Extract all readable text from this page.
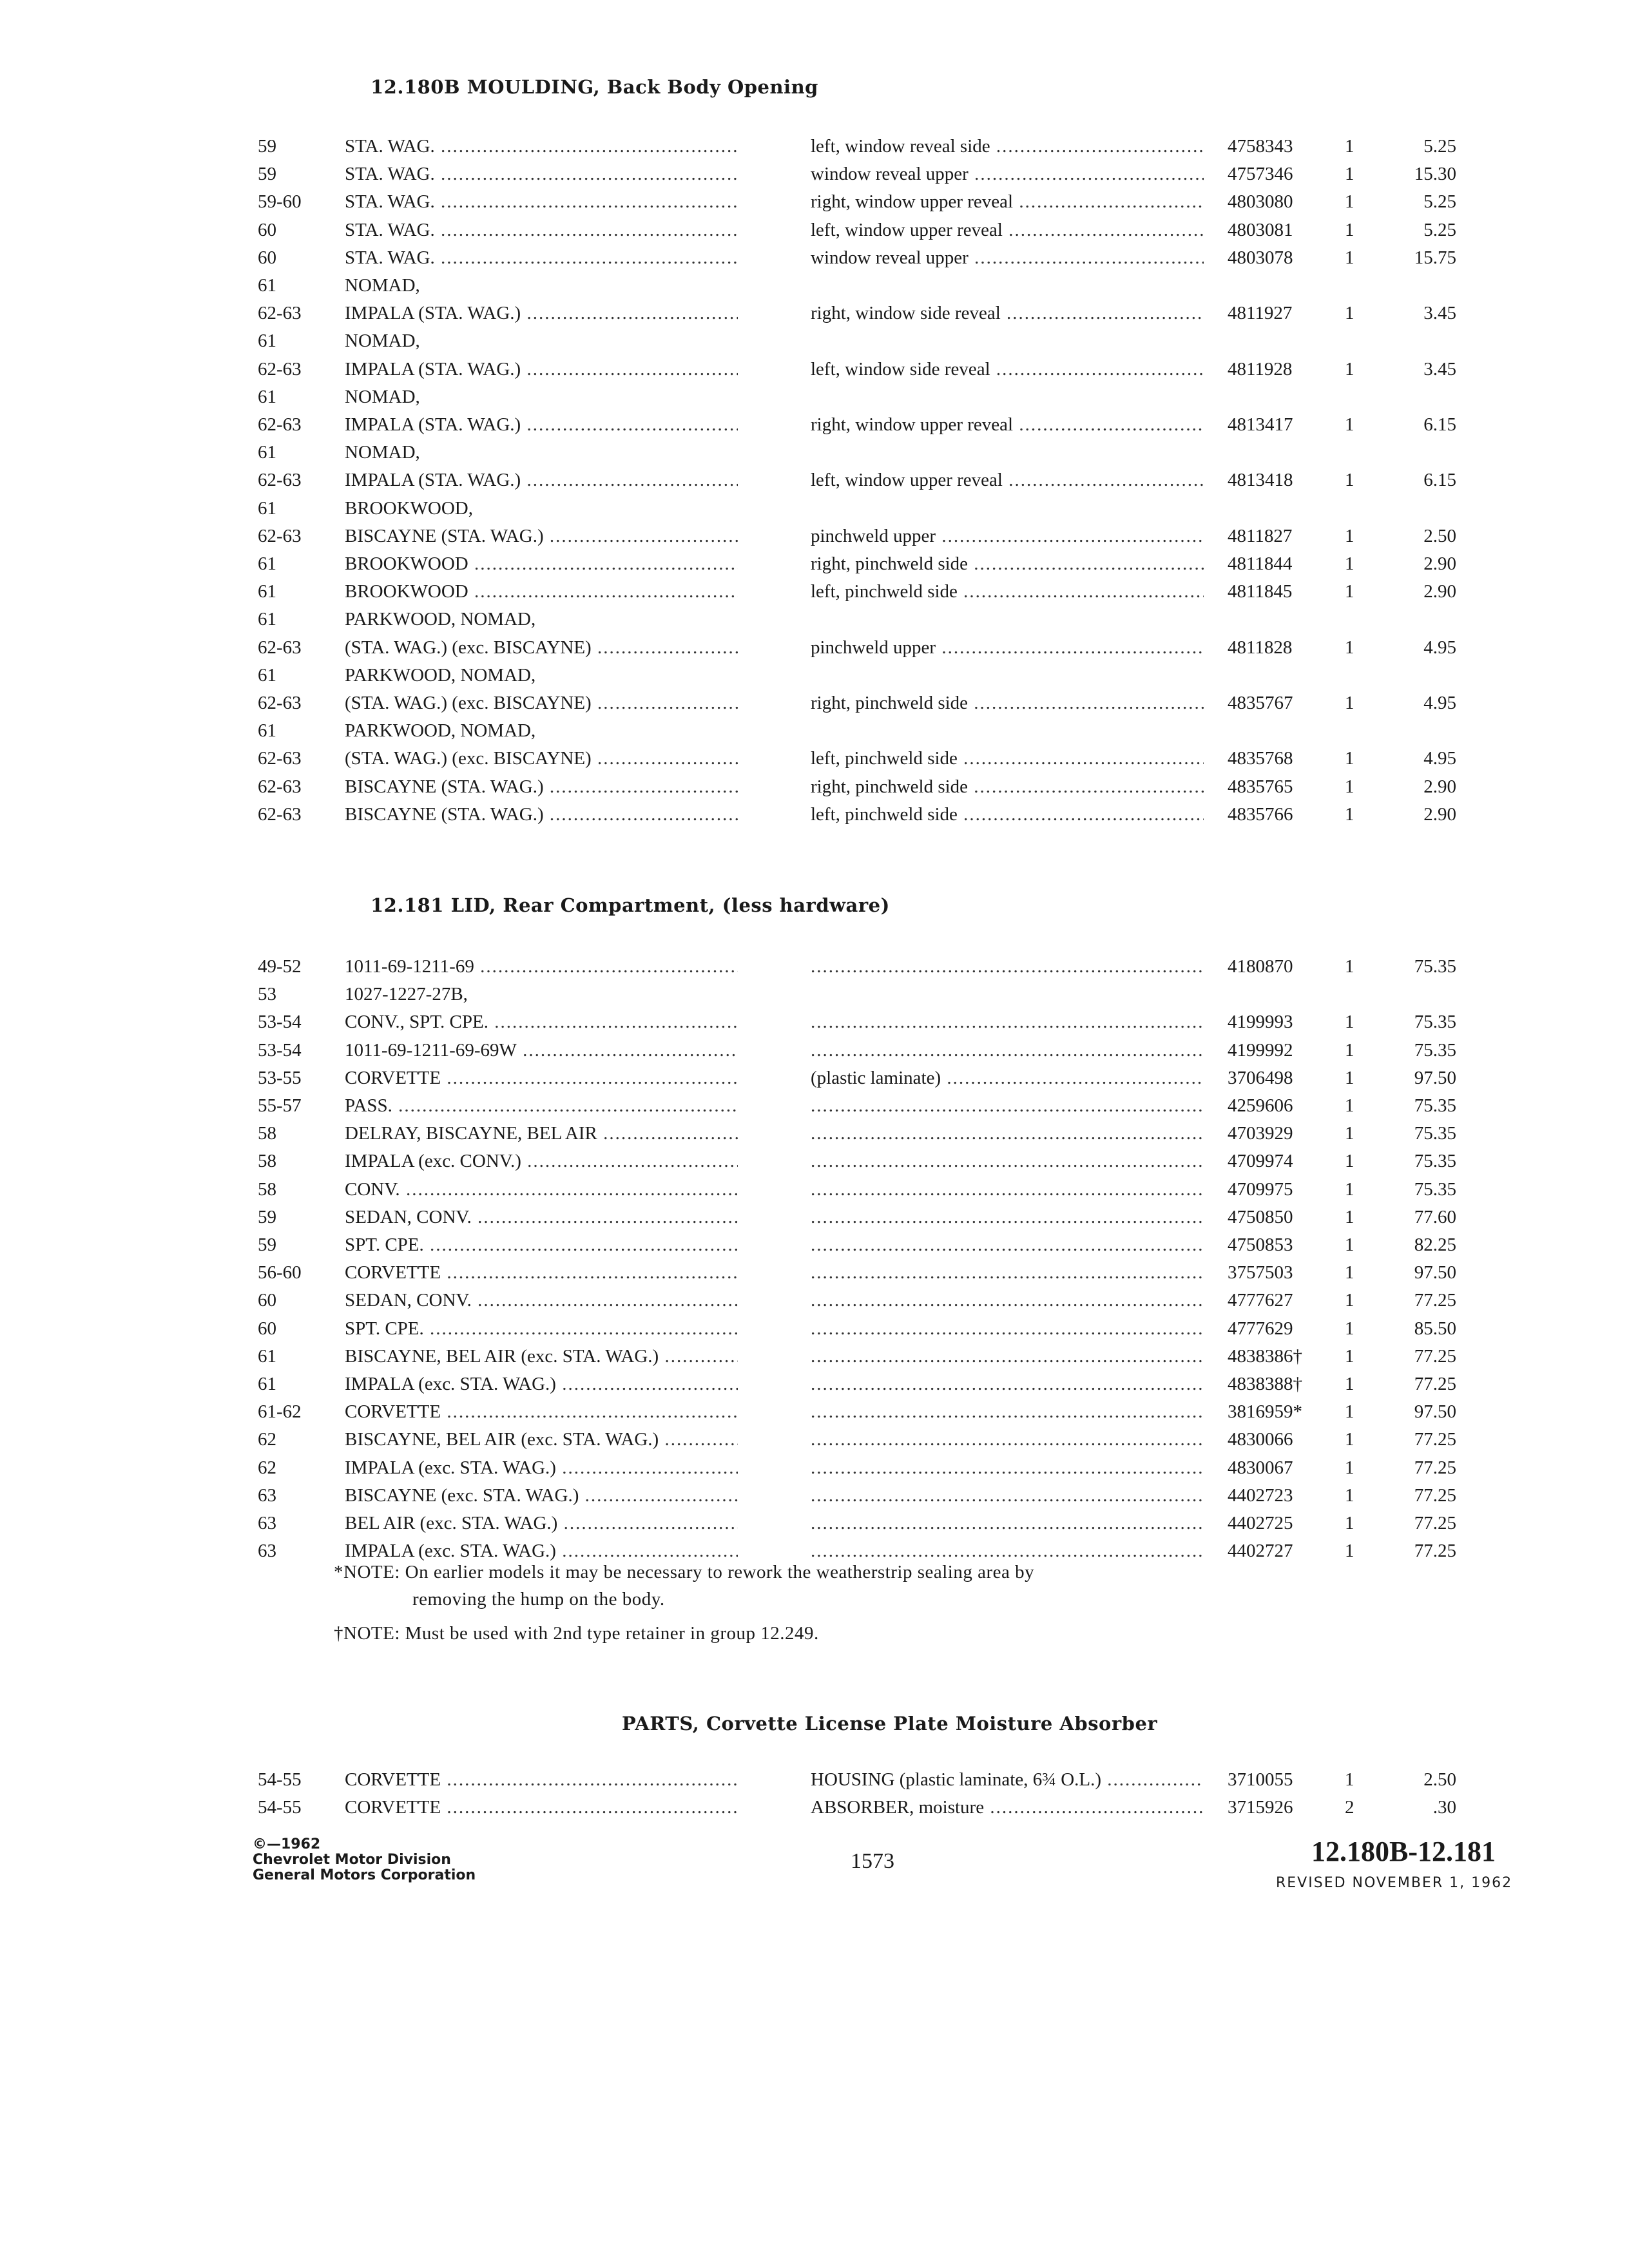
12.180B MOULDING, Back Body Opening
59	STA. WAG. .....	left, window reveal side .....	4758343	1	5.25
59	STA. WAG. .....	window reveal upper .....	4757346	1	15.30
59-60 STA. WAG. .....	right, window upper reveal .....	4803080	1	5.25
60	STA. WAG. .....	left, window upper reveal .....	4803081	1	5.25
60	STA. WAG. .....	window reveal upper .....	4803078	1	15.75
61	NOMAD,
62-63 IMPALA (STA. WAG.) .....	right, window side reveal .....	4811927	1	3.45
61	NOMAD,
62-63 IMPALA (STA. WAG.) .....	left, window side reveal .....	4811928	1	3.45
61	NOMAD,
62-63 IMPALA (STA. WAG.) .....	right, window upper reveal .....	4813417	1	6.15
61	NOMAD,
62-63 IMPALA (STA. WAG.) .....	left, window upper reveal .....	4813418	1	6.15
61	BROOKWOOD,
62-63 BISCAYNE (STA. WAG.) .....	pinchweld upper .....	4811827	1	2.50
61	BROOKWOOD .....	right, pinchweld side .....	4811844	1	2.90
61	BROOKWOOD .....	left, pinchweld side .....	4811845	1	2.90
61	PARKWOOD, NOMAD,
62-63 (STA. WAG.) (exc. BISCAYNE) .....	pinchweld upper .....	4811828	1	4.95
61	PARKWOOD, NOMAD,
62-63 (STA. WAG.) (exc. BISCAYNE) .....	right, pinchweld side .....	4835767	1	4.95
61	PARKWOOD, NOMAD,
62-63 (STA. WAG.) (exc. BISCAYNE) .....	left, pinchweld side .....	4835768	1	4.95
62-63 BISCAYNE (STA. WAG.) .....	right, pinchweld side .....	4835765	1	2.90
62-63 BISCAYNE (STA. WAG.) .....	left, pinchweld side .....	4835766	1	2.90
12.181 LID, Rear Compartment, (less hardware)
49-52 1011-69-1211-69 ..... .....	4180870	1	75.35
53	1027-1227-27B,
53-54 CONV., SPT. CPE. ..... .....	4199993	1	75.35
53-54 1011-69-1211-69-69W ..... .....	4199992	1	75.35
53-55 CORVETTE .....	(plastic laminate) .....	3706498	1	97.50
55-57 PASS. ..... .....	4259606	1	75.35
58	DELRAY, BISCAYNE, BEL AIR ..... .....	4703929	1	75.35
58	IMPALA (exc. CONV.) ..... .....	4709974	1	75.35
58	CONV. ..... .....	4709975	1	75.35
59	SEDAN, CONV. ..... .....	4750850	1	77.60
59	SPT. CPE. ..... .....	4750853	1	82.25
56-60 CORVETTE ..... .....	3757503	1	97.50
60	SEDAN, CONV. ..... .....	4777627	1	77.25
60	SPT. CPE. ..... .....	4777629	1	85.50
61	BISCAYNE, BEL AIR (exc. STA. WAG.) ..... .....	4838386† 1	77.25
61	IMPALA (exc. STA. WAG.) ..... .....	4838388† 1	77.25
61-62 CORVETTE ..... .....	3816959* 1	97.50
62	BISCAYNE, BEL AIR (exc. STA. WAG.) ..... .....	4830066	1	77.25
62	IMPALA (exc. STA. WAG.) ..... .....	4830067	1	77.25
63	BISCAYNE (exc. STA. WAG.) ..... .....	4402723	1	77.25
63	BEL AIR (exc. STA. WAG.) ..... .....	4402725	1	77.25
63	IMPALA (exc. STA. WAG.) ..... .....	4402727	1	77.25
*NOTE: On earlier models it may be necessary to rework the weatherstrip sealing area by
removing the hump on the body.
†NOTE: Must be used with 2nd type retainer in group 12.249.
PARTS, Corvette License Plate Moisture Absorber
54-55 CORVETTE .....	HOUSING (plastic laminate, 6¾ O.L.) .....	3710055	1	2.50
54-55 CORVETTE .....	ABSORBER, moisture .....	3715926	2	.30
©—1962
Chevrolet Motor Division
General Motors Corporation
1573	12.180B-12.181
REVISED NOVEMBER 1, 1962
